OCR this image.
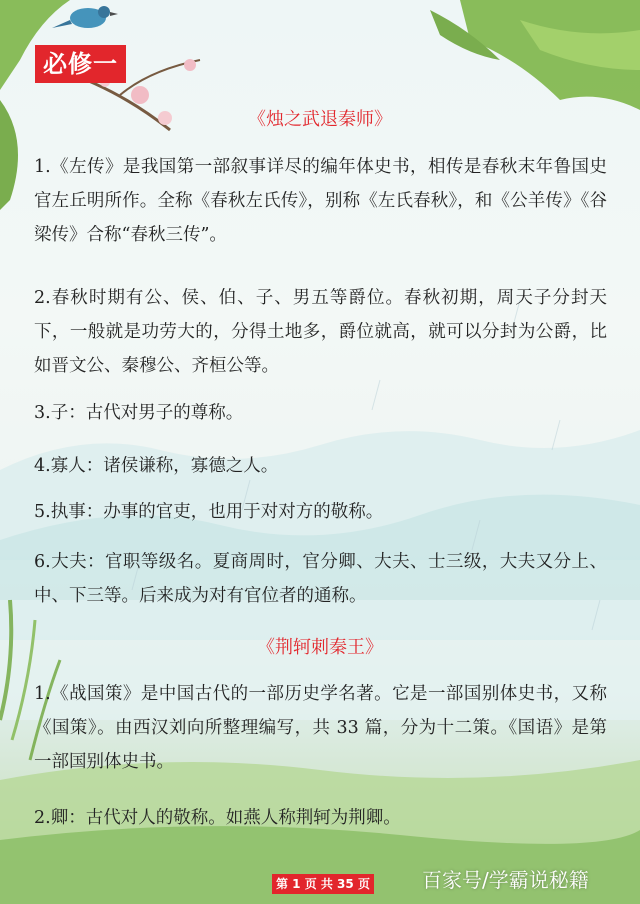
必修一
《烛之武退秦师》
1.《左传》是我国第一部叙事详尽的编年体史书，相传是春秋末年鲁国史官左丘明所作。全称《春秋左氏传》，别称《左氏春秋》，和《公羊传》《谷梁传》合称“春秋三传”。
2.春秋时期有公、侯、伯、子、男五等爵位。春秋初期，周天子分封天下，一般就是功劳大的，分得土地多，爵位就高，就可以分封为公爵，比如晋文公、秦穆公、齐桓公等。
3.子：古代对男子的尊称。
4.寡人：诸侯谦称，寡德之人。
5.执事：办事的官吏，也用于对对方的敬称。
6.大夫：官职等级名。夏商周时，官分卿、大夫、士三级，大夫又分上、中、下三等。后来成为对有官位者的通称。
《荆轲刺秦王》
1.《战国策》是中国古代的一部历史学名著。它是一部国别体史书，又称《国策》。由西汉刘向所整理编写，共 33 篇，分为十二策。《国语》是第一部国别体史书。
2.卿：古代对人的敬称。如燕人称荆轲为荆卿。
第 1 页 共 35 页	百家号/学霸说秘籍
